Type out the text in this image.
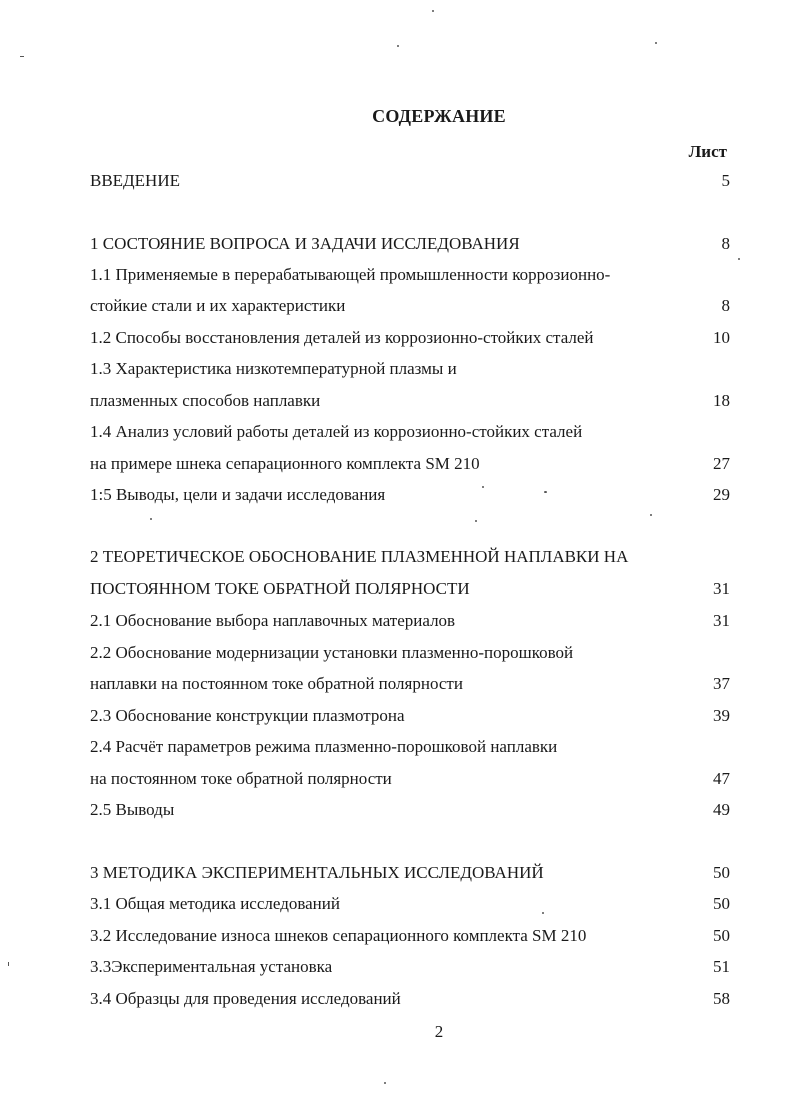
СОДЕРЖАНИЕ
Лист
ВВЕДЕНИЕ	5
1 СОСТОЯНИЕ ВОПРОСА И ЗАДАЧИ ИССЛЕДОВАНИЯ	8
1.1 Применяемые в перерабатывающей промышленности коррозионно-
стойкие стали и их характеристики	8
1.2 Способы восстановления деталей из коррозионно-стойких сталей	10
1.3 Характеристика низкотемпературной плазмы и
плазменных способов наплавки	18
1.4 Анализ условий работы деталей из коррозионно-стойких сталей
на примере шнека сепарационного комплекта SM 210	27
1:5 Выводы, цели и задачи исследования	29
2 ТЕОРЕТИЧЕСКОЕ ОБОСНОВАНИЕ ПЛАЗМЕННОЙ НАПЛАВКИ НА
ПОСТОЯННОМ ТОКЕ ОБРАТНОЙ ПОЛЯРНОСТИ	31
2.1 Обоснование выбора наплавочных материалов	31
2.2 Обоснование модернизации установки плазменно-порошковой
наплавки на постоянном токе обратной полярности	37
2.3 Обоснование конструкции плазмотрона	39
2.4 Расчёт параметров режима плазменно-порошковой наплавки
на постоянном токе обратной полярности	47
2.5 Выводы	49
3 МЕТОДИКА ЭКСПЕРИМЕНТАЛЬНЫХ ИССЛЕДОВАНИЙ	50
3.1 Общая методика исследований	50
3.2 Исследование износа шнеков сепарационного комплекта SM 210	50
3.3Экспериментальная установка	51
3.4 Образцы для проведения исследований	58
2
